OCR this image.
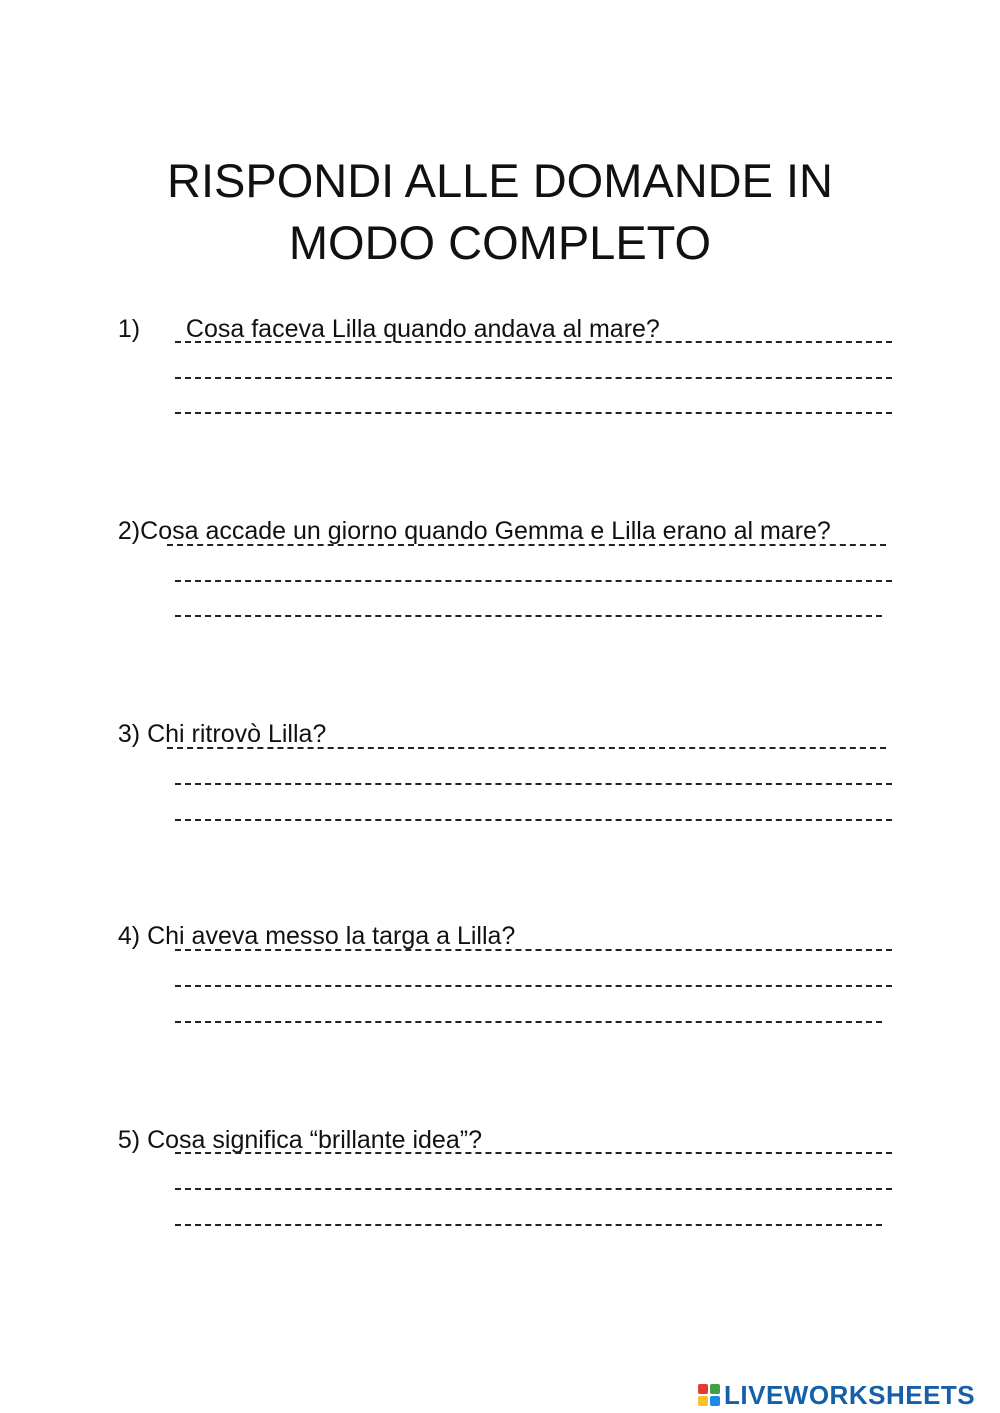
RISPONDI ALLE DOMANDE IN
MODO COMPLETO

1) Cosa faceva Lilla quando andava al mare?

2)Cosa accade un giorno quando Gemma e Lilla erano al mare?

3) Chi ritrovò Lilla?

4) Chi aveva messo la targa a Lilla?

5) Cosa significa “brillante idea”?

LIVEWORKSHEETS
